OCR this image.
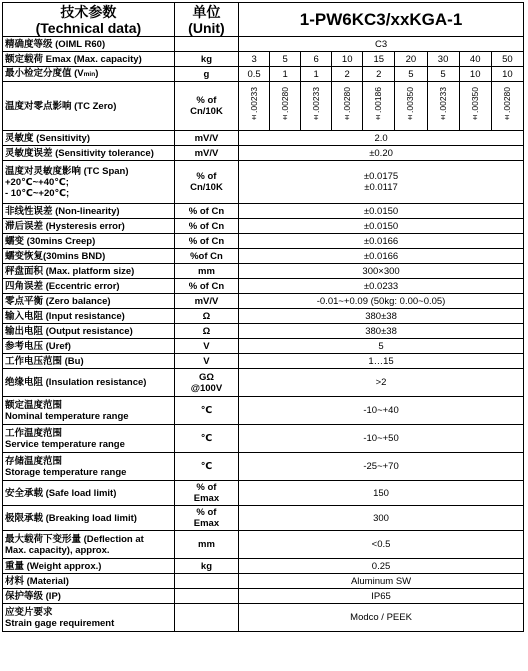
技术参数
(Technical data)	单位
(Unit)	1-PW6KC3/xxKGA-1								
精确度等级 (OIML R60)		C3								
额定载荷 Emax (Max. capacity)	kg	3	5	6	10	15	20	30	40	50
最小检定分度值 (Vmin)	g	0.5	1	1	2	2	5	5	10	10
温度对零点影响 (TC Zero)	% of
Cn/10K	±.00233	±.00280	±.00233	±.00280	±.00186	±.00350	±.00233	±.00350	±.00280
灵敏度 (Sensitivity)	mV/V	2.0								
灵敏度误差 (Sensitivity tolerance)	mV/V	±0.20								
温度对灵敏度影响 (TC Span)
+20℃~+40℃;
- 10℃~+20℃;	% of
Cn/10K	±0.0175
±0.0117								
非线性误差 (Non-linearity)	% of Cn	±0.0150								
滞后误差 (Hysteresis error)	% of Cn	±0.0150								
蠕变 (30mins Creep)	% of Cn	±0.0166								
蠕变恢复(30mins BND)	%of Cn	±0.0166								
秤盘面积 (Max. platform size)	mm	300×300								
四角误差 (Eccentric error)	% of Cn	±0.0233								
零点平衡 (Zero balance)	mV/V	-0.01~+0.09 (50kg: 0.00~0.05)								
输入电阻 (Input resistance)	Ω	380±38								
输出电阻 (Output resistance)	Ω	380±38								
参考电压 (Uref)	V	5								
工作电压范围 (Bu)	V	1…15								
绝缘电阻 (Insulation resistance)	GΩ
@100V	>2								
额定温度范围
Nominal temperature range	℃	-10~+40								
工作温度范围
Service temperature range	℃	-10~+50								
存储温度范围
Storage temperature range	℃	-25~+70								
安全承载 (Safe load limit)	% of
Emax	150								
极限承载 (Breaking load limit)	% of
Emax	300								
最大载荷下变形量 (Deflection at
Max. capacity), approx.	mm	<0.5								
重量 (Weight approx.)	kg	0.25								
材料 (Material)		Aluminum SW								
保护等级 (IP)		IP65								
应变片要求
Strain gage requirement		Modco / PEEK								
